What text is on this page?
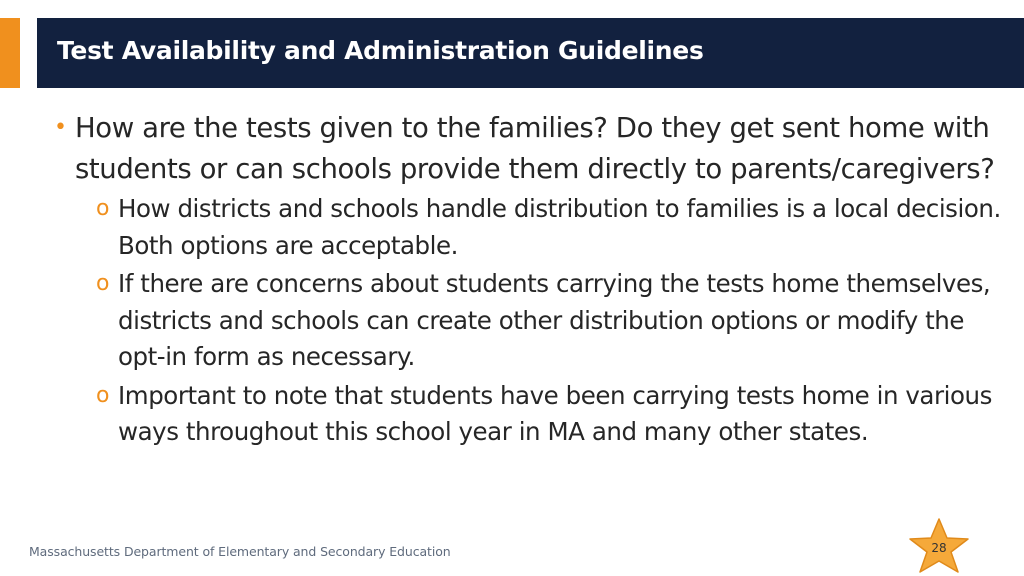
Test Availability and Administration Guidelines
• How are the tests given to the families? Do they get sent home with students or can schools provide them directly to parents/caregivers?
o How districts and schools handle distribution to families is a local decision. Both options are acceptable.
o If there are concerns about students carrying the tests home themselves, districts and schools can create other distribution options or modify the opt-in form as necessary.
o Important to note that students have been carrying tests home in various ways throughout this school year in MA and many other states.
Massachusetts Department of Elementary and Secondary Education	28
